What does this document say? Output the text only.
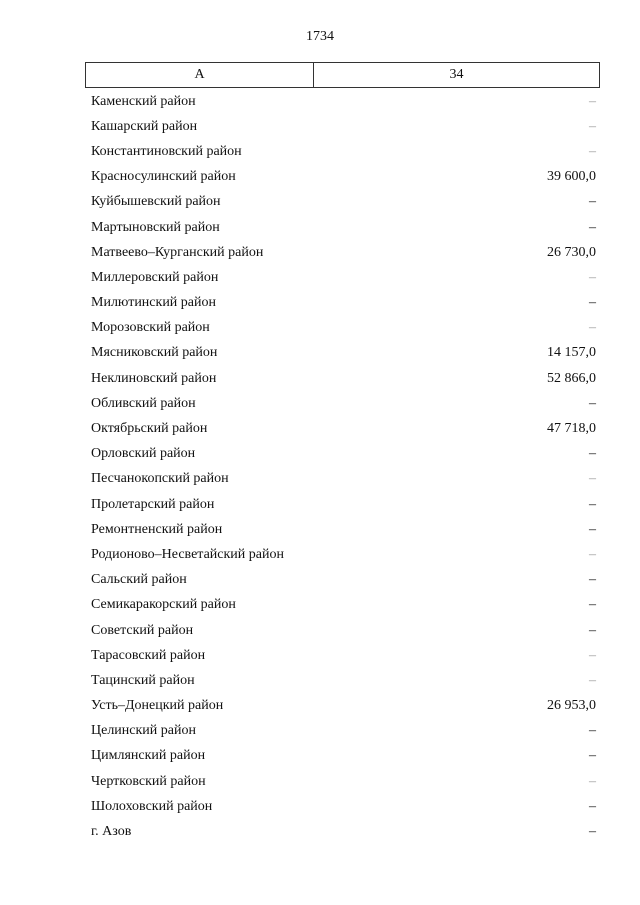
1734
А	34
Каменский район	–
Кашарский район	–
Константиновский район	–
Красносулинский район	39 600,0
Куйбышевский район	–
Мартыновский район	–
Матвеево–Курганский район	26 730,0
Миллеровский район	–
Милютинский район	–
Морозовский район	–
Мясниковский район	14 157,0
Неклиновский район	52 866,0
Обливский район	–
Октябрьский район	47 718,0
Орловский район	–
Песчанокопский район	–
Пролетарский район	–
Ремонтненский район	–
Родионово–Несветайский район	–
Сальский район	–
Семикаракорский район	–
Советский район	–
Тарасовский район	–
Тацинский район	–
Усть–Донецкий район	26 953,0
Целинский район	–
Цимлянский район	–
Чертковский район	–
Шолоховский район	–
г. Азов	–
